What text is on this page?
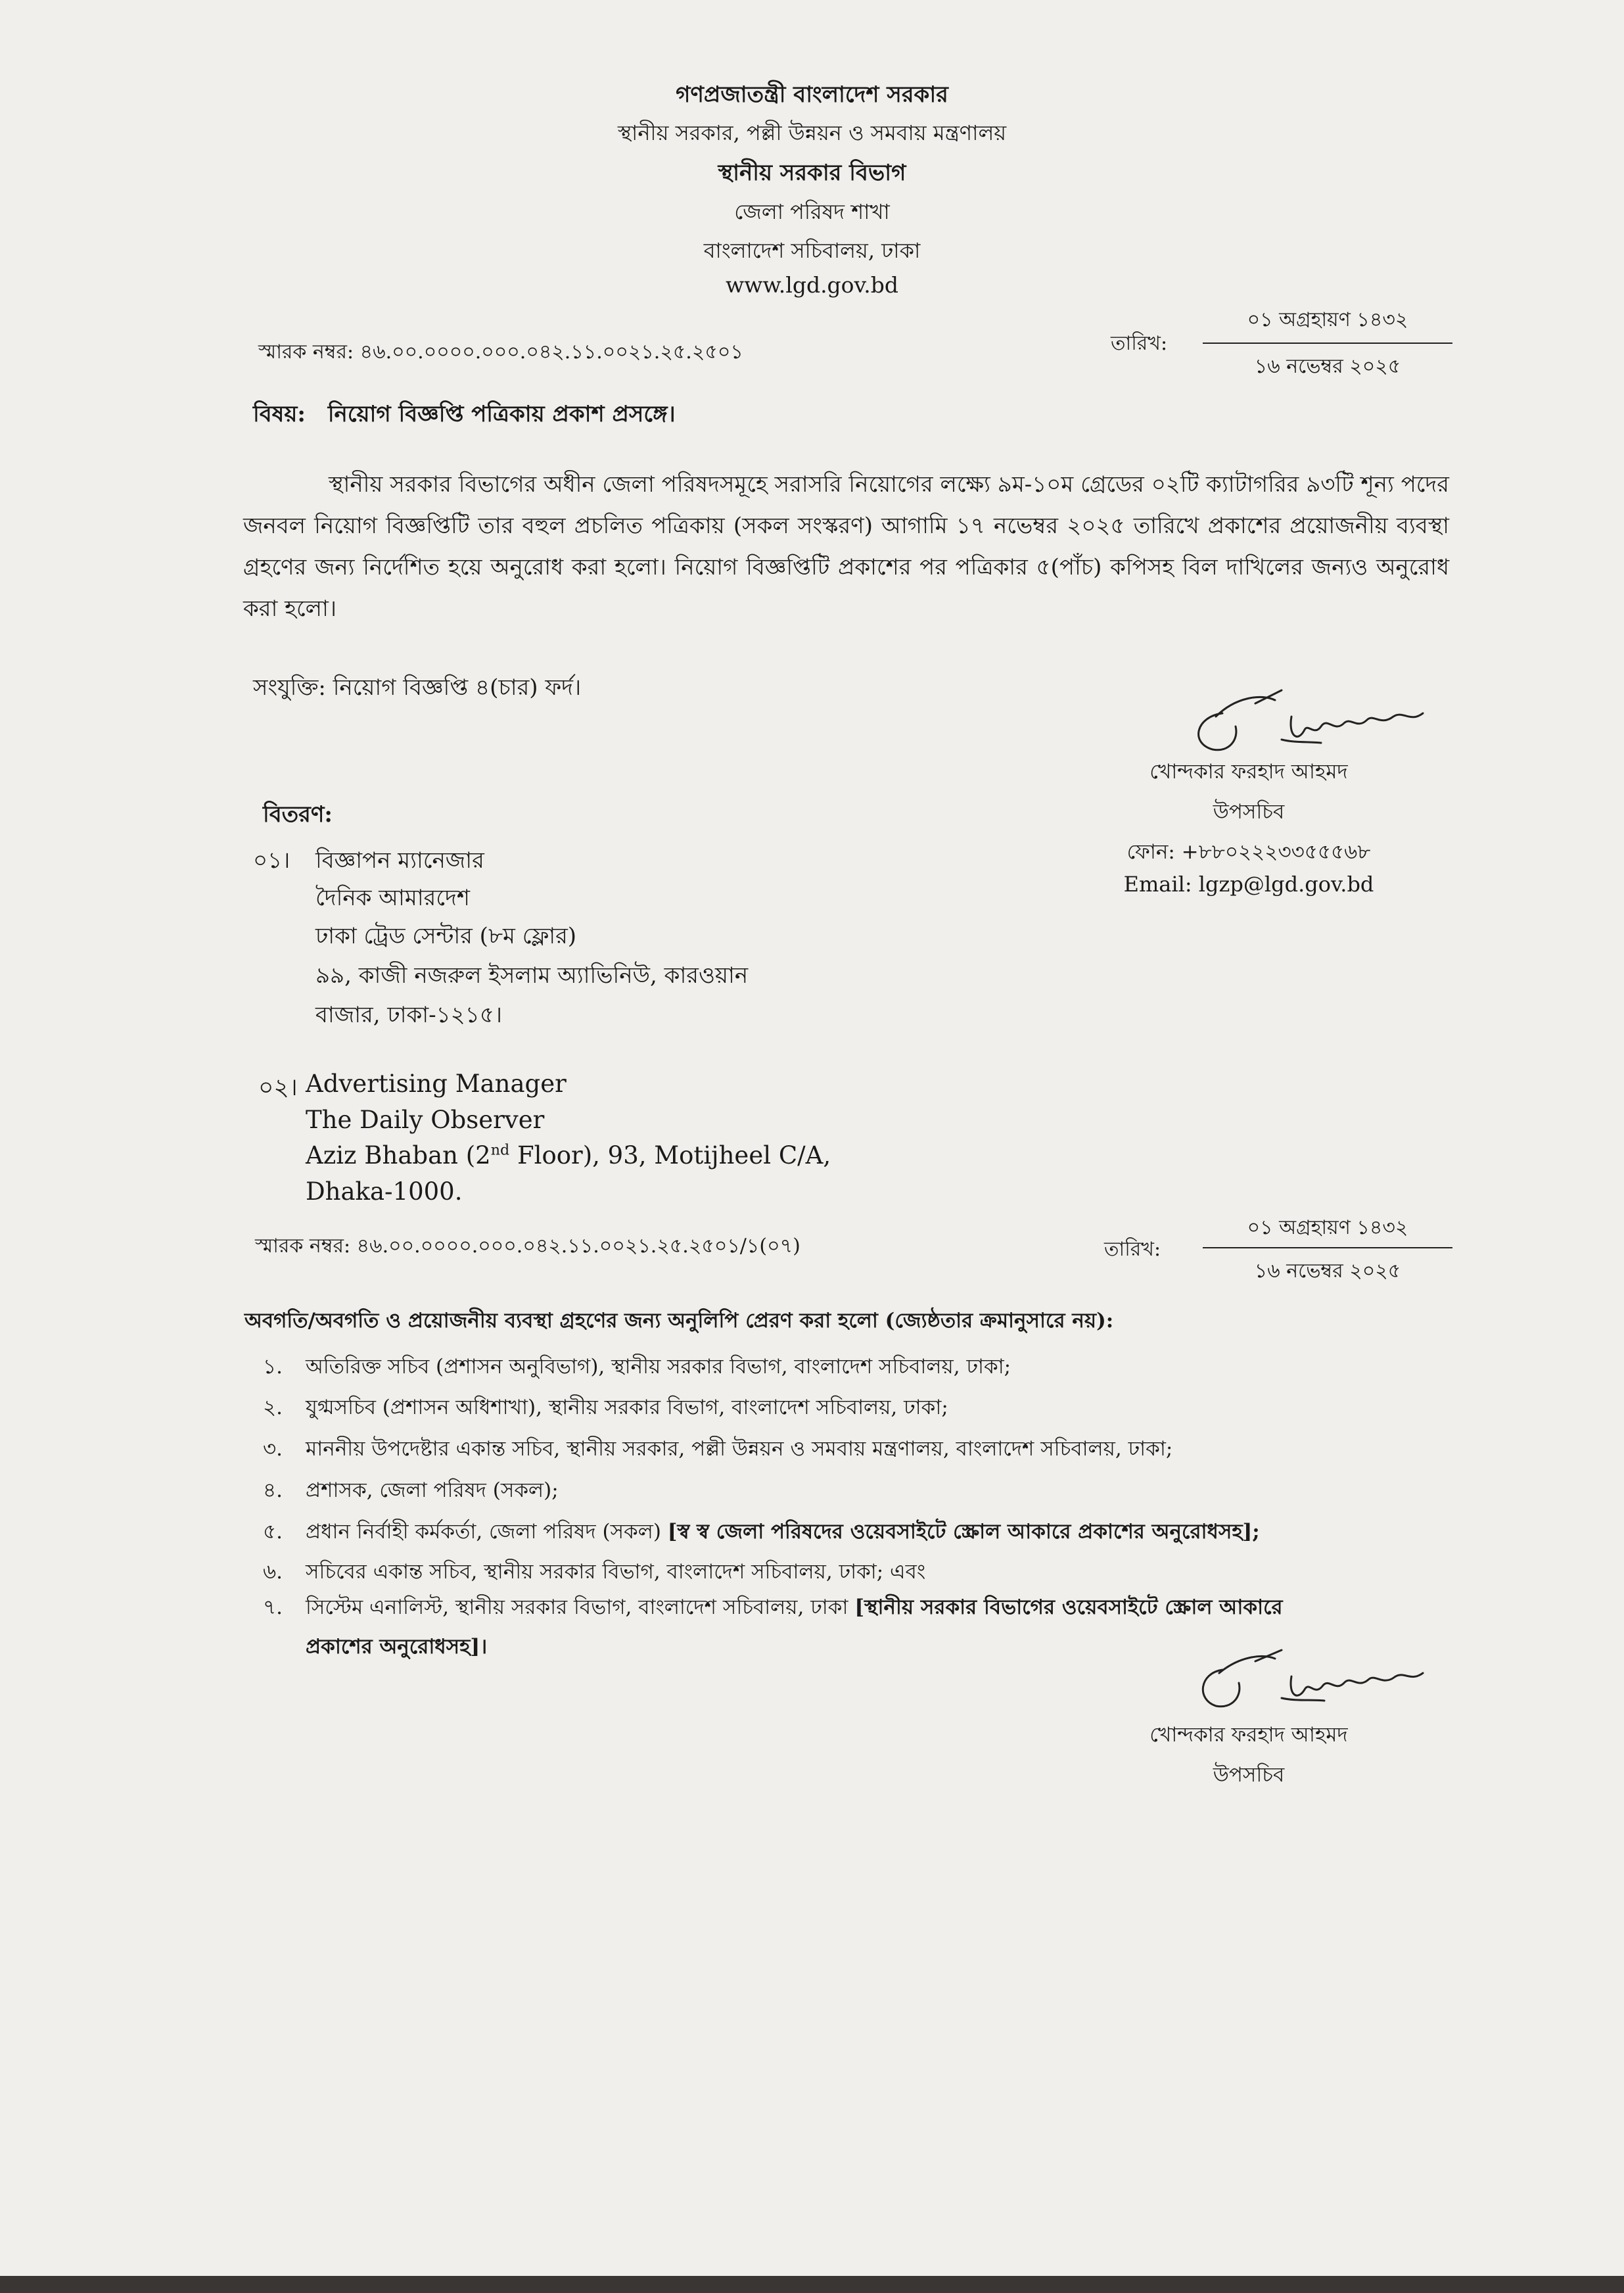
গণপ্রজাতন্ত্রী বাংলাদেশ সরকার
স্থানীয় সরকার, পল্লী উন্নয়ন ও সমবায় মন্ত্রণালয়
স্থানীয় সরকার বিভাগ
জেলা পরিষদ শাখা
বাংলাদেশ সচিবালয়, ঢাকা
www.lgd.gov.bd
স্মারক নম্বর: ৪৬.০০.০০০০.০০০.০৪২.১১.০০২১.২৫.২৫০১	তারিখ:
০১ অগ্রহায়ণ ১৪৩২
১৬ নভেম্বর ২০২৫
বিষয়: নিয়োগ বিজ্ঞপ্তি পত্রিকায় প্রকাশ প্রসঙ্গে।
স্থানীয় সরকার বিভাগের অধীন জেলা পরিষদসমূহে সরাসরি নিয়োগের লক্ষ্যে ৯ম-১০ম গ্রেডের ০২টি ক্যাটাগরির ৯৩টি শূন্য পদের জনবল নিয়োগ বিজ্ঞপ্তিটি তার বহুল প্রচলিত পত্রিকায় (সকল সংস্করণ) আগামি ১৭ নভেম্বর ২০২৫ তারিখে প্রকাশের প্রয়োজনীয় ব্যবস্থা গ্রহণের জন্য নির্দেশিত হয়ে অনুরোধ করা হলো। নিয়োগ বিজ্ঞপ্তিটি প্রকাশের পর পত্রিকার ৫(পাঁচ) কপিসহ বিল দাখিলের জন্যও অনুরোধ করা হলো।
সংযুক্তি: নিয়োগ বিজ্ঞপ্তি ৪(চার) ফর্দ।
খোন্দকার ফরহাদ আহমদ
উপসচিব
ফোন: +৮৮০২২২৩৩৫৫৫৬৮
Email: lgzp@lgd.gov.bd
বিতরণ:
০১। বিজ্ঞাপন ম্যানেজার
দৈনিক আমারদেশ
ঢাকা ট্রেড সেন্টার (৮ম ফ্লোর)
৯৯, কাজী নজরুল ইসলাম অ্যাভিনিউ, কারওয়ান
বাজার, ঢাকা-১২১৫।
০২। Advertising Manager
The Daily Observer
Aziz Bhaban (2nd Floor), 93, Motijheel C/A,
Dhaka-1000.
স্মারক নম্বর: ৪৬.০০.০০০০.০০০.০৪২.১১.০০২১.২৫.২৫০১/১(০৭)	তারিখ:
০১ অগ্রহায়ণ ১৪৩২
১৬ নভেম্বর ২০২৫
অবগতি/অবগতি ও প্রয়োজনীয় ব্যবস্থা গ্রহণের জন্য অনুলিপি প্রেরণ করা হলো (জ্যেষ্ঠতার ক্রমানুসারে নয়):
১. অতিরিক্ত সচিব (প্রশাসন অনুবিভাগ), স্থানীয় সরকার বিভাগ, বাংলাদেশ সচিবালয়, ঢাকা;
২. যুগ্মসচিব (প্রশাসন অধিশাখা), স্থানীয় সরকার বিভাগ, বাংলাদেশ সচিবালয়, ঢাকা;
৩. মাননীয় উপদেষ্টার একান্ত সচিব, স্থানীয় সরকার, পল্লী উন্নয়ন ও সমবায় মন্ত্রণালয়, বাংলাদেশ সচিবালয়, ঢাকা;
৪. প্রশাসক, জেলা পরিষদ (সকল);
৫. প্রধান নির্বাহী কর্মকর্তা, জেলা পরিষদ (সকল) [স্ব স্ব জেলা পরিষদের ওয়েবসাইটে স্ক্রোল আকারে প্রকাশের অনুরোধসহ];
৬. সচিবের একান্ত সচিব, স্থানীয় সরকার বিভাগ, বাংলাদেশ সচিবালয়, ঢাকা; এবং
৭. সিস্টেম এনালিস্ট, স্থানীয় সরকার বিভাগ, বাংলাদেশ সচিবালয়, ঢাকা [স্থানীয় সরকার বিভাগের ওয়েবসাইটে স্ক্রোল আকারে
প্রকাশের অনুরোধসহ]।
খোন্দকার ফরহাদ আহমদ
উপসচিব
